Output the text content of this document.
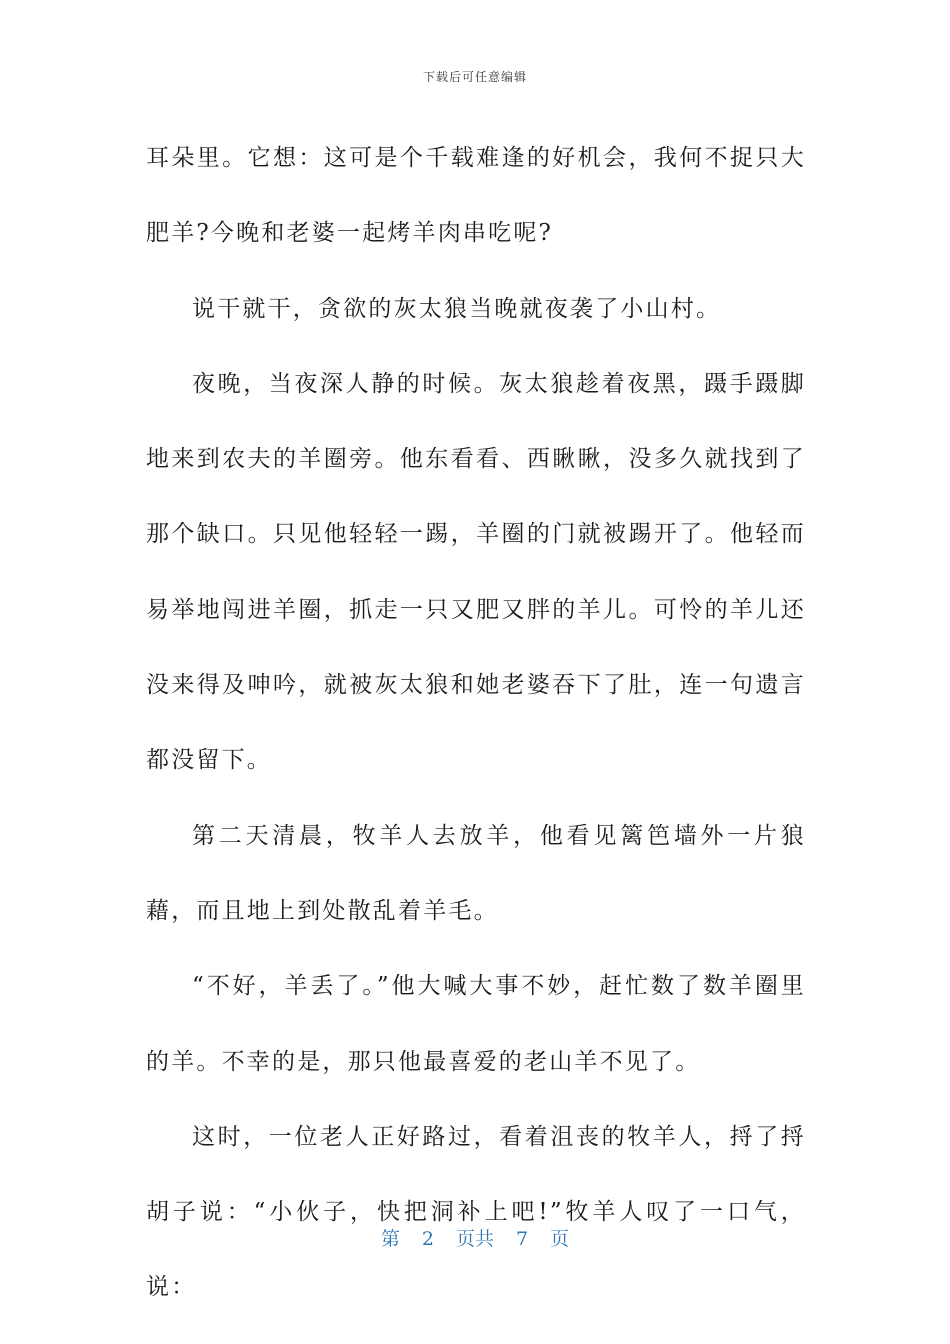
下载后可任意编辑

耳朵里。它想：这可是个千载难逢的好机会，我何不捉只大肥羊?今晚和老婆一起烤羊肉串吃呢?

说干就干，贪欲的灰太狼当晚就夜袭了小山村。

夜晚，当夜深人静的时候。灰太狼趁着夜黑，蹑手蹑脚地来到农夫的羊圈旁。他东看看、西瞅瞅，没多久就找到了那个缺口。只见他轻轻一踢，羊圈的门就被踢开了。他轻而易举地闯进羊圈，抓走一只又肥又胖的羊儿。可怜的羊儿还没来得及呻吟，就被灰太狼和她老婆吞下了肚，连一句遗言都没留下。

第二天清晨，牧羊人去放羊，他看见篱笆墙外一片狼藉，而且地上到处散乱着羊毛。

“不好，羊丢了。”他大喊大事不妙，赶忙数了数羊圈里的羊。不幸的是，那只他最喜爱的老山羊不见了。

这时，一位老人正好路过，看着沮丧的牧羊人，捋了捋胡子说：“小伙子，快把洞补上吧!”牧羊人叹了一口气，说：

第 2 页共 7 页
